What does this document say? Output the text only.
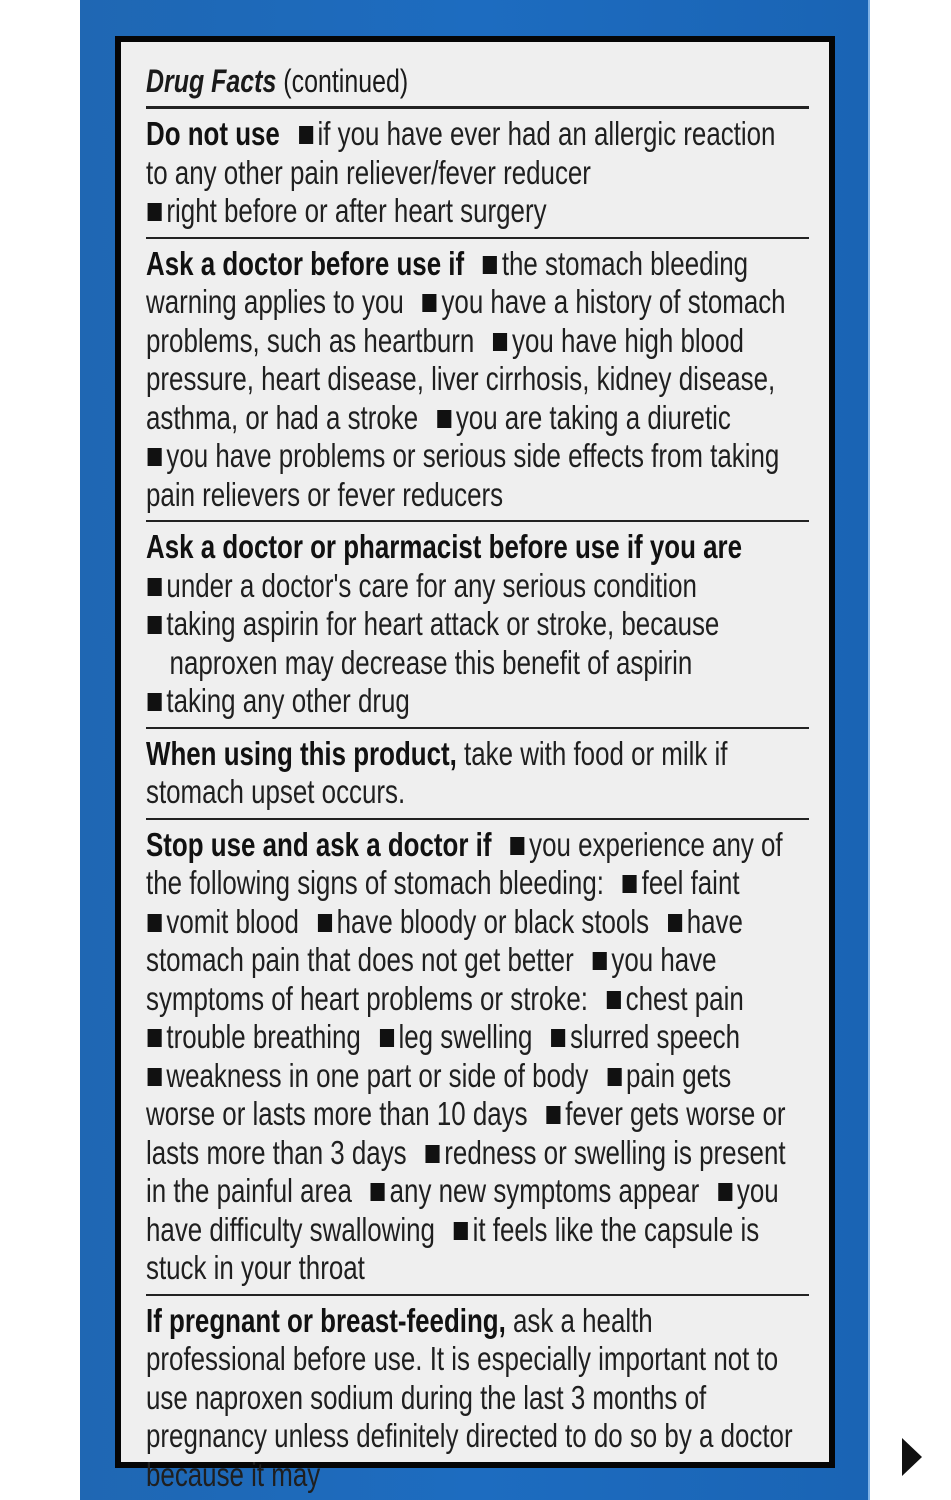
Drug Facts (continued)
Do not use if you have ever had an allergic reaction to any other pain reliever/fever reducer
right before or after heart surgery
Ask a doctor before use if the stomach bleeding warning applies to you you have a history of stomach problems, such as heartburn you have high blood pressure, heart disease, liver cirrhosis, kidney disease, asthma, or had a stroke you are taking a diuretic
you have problems or serious side effects from taking pain relievers or fever reducers
Ask a doctor or pharmacist before use if you are
under a doctor's care for any serious condition
taking aspirin for heart attack or stroke, because
naproxen may decrease this benefit of aspirin
taking any other drug
When using this product, take with food or milk if stomach upset occurs.
Stop use and ask a doctor if you experience any of the following signs of stomach bleeding: feel faint
vomit blood have bloody or black stools have stomach pain that does not get better you have symptoms of heart problems or stroke: chest pain
trouble breathing leg swelling slurred speech
weakness in one part or side of body pain gets worse or lasts more than 10 days fever gets worse or lasts more than 3 days redness or swelling is present in the painful area any new symptoms appear you have difficulty swallowing it feels like the capsule is stuck in your throat
If pregnant or breast-feeding, ask a health professional before use. It is especially important not to use naproxen sodium during the last 3 months of pregnancy unless definitely directed to do so by a doctor because it may
